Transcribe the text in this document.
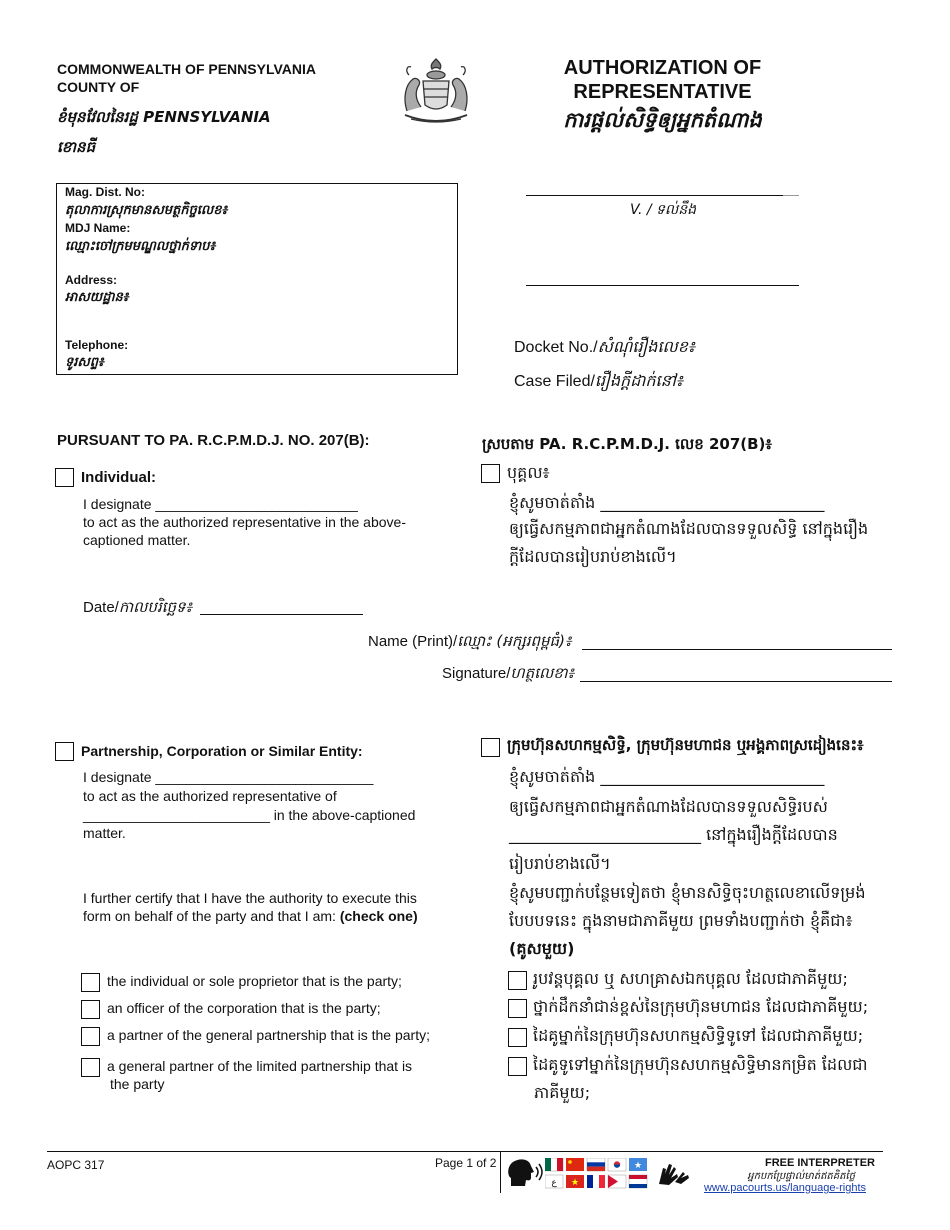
COMMONWEALTH OF PENNSYLVANIA
COUNTY OF
ខំមុនវែលនៃរដ្ឋ PENNSYLVANIA
ខោនធី
AUTHORIZATION OF
REPRESENTATIVE
ការផ្តល់សិទ្ធិឲ្យអ្នកតំណាង
Mag. Dist. No:
តុលាការស្រុកមានសមត្ថកិច្ចលេខ៖
MDJ Name:
ឈ្មោះចៅក្រមមណ្ឌលថ្នាក់ទាប៖
Address:
អាសយដ្ឋាន៖
Telephone:
ទូរសព្ទ៖
V. / ទល់នឹង
Docket No./សំណុំរឿងលេខ៖
Case Filed/រឿងក្តីដាក់នៅ៖
PURSUANT TO PA. R.C.P.M.D.J. NO. 207(B):	ស្របតាម PA. R.C.P.M.D.J. លេខ 207(B)៖
Individual:
I designate __________________________
to act as the authorized representative in the above-
captioned matter.
បុគ្គល៖
ខ្ញុំសូមចាត់តាំង ____________________________
ឲ្យធ្វើសកម្មភាពជាអ្នកតំណាងដែលបានទទួលសិទ្ធិ នៅក្នុងរឿង
ក្តីដែលបានរៀបរាប់ខាងលើ។
Date/កាលបរិច្ឆេទ៖
Name (Print)/ឈ្មោះ (អក្សរពុម្ពធំ)៖
Signature/ហត្ថលេខា៖
Partnership, Corporation or Similar Entity:
I designate ____________________________
to act as the authorized representative of
________________________ in the above-captioned
matter.
I further certify that I have the authority to execute this
form on behalf of the party and that I am: (check one)
the individual or sole proprietor that is the party;
an officer of the corporation that is the party;
a partner of the general partnership that is the party;
a general partner of the limited partnership that is
the party
ក្រុមហ៊ុនសហកម្មសិទ្ធិ, ក្រុមហ៊ុនមហាជន ឬអង្គភាពស្រដៀងនេះ៖
ខ្ញុំសូមចាត់តាំង ____________________________
ឲ្យធ្វើសកម្មភាពជាអ្នកតំណាងដែលបានទទួលសិទ្ធិរបស់
________________________ នៅក្នុងរឿងក្តីដែលបាន
រៀបរាប់ខាងលើ។
ខ្ញុំសូមបញ្ជាក់បន្ថែមទៀតថា ខ្ញុំមានសិទ្ធិចុះហត្ថលេខាលើទម្រង់
បែបបទនេះ ក្នុងនាមជាភាគីមួយ ព្រមទាំងបញ្ជាក់ថា ខ្ញុំគឺជា៖
(គូសមួយ)
រូបវន្តបុគ្គល ឬ សហគ្រាសឯកបុគ្គល ដែលជាភាគីមួយ;
ថ្នាក់ដឹកនាំជាន់ខ្ពស់នៃក្រុមហ៊ុនមហាជន ដែលជាភាគីមួយ;
ដៃគូម្នាក់នៃក្រុមហ៊ុនសហកម្មសិទ្ធិទូទៅ ដែលជាភាគីមួយ;
ដៃគូទូទៅម្នាក់នៃក្រុមហ៊ុនសហកម្មសិទ្ធិមានកម្រិត ដែលជា
ភាគីមួយ;
AOPC 317	Page 1 of 2	★
ع ★
FREE INTERPRETER
អ្នកបកប្រែផ្ទាល់មាត់ឥតគិតថ្លៃ
www.pacourts.us/language-rights
